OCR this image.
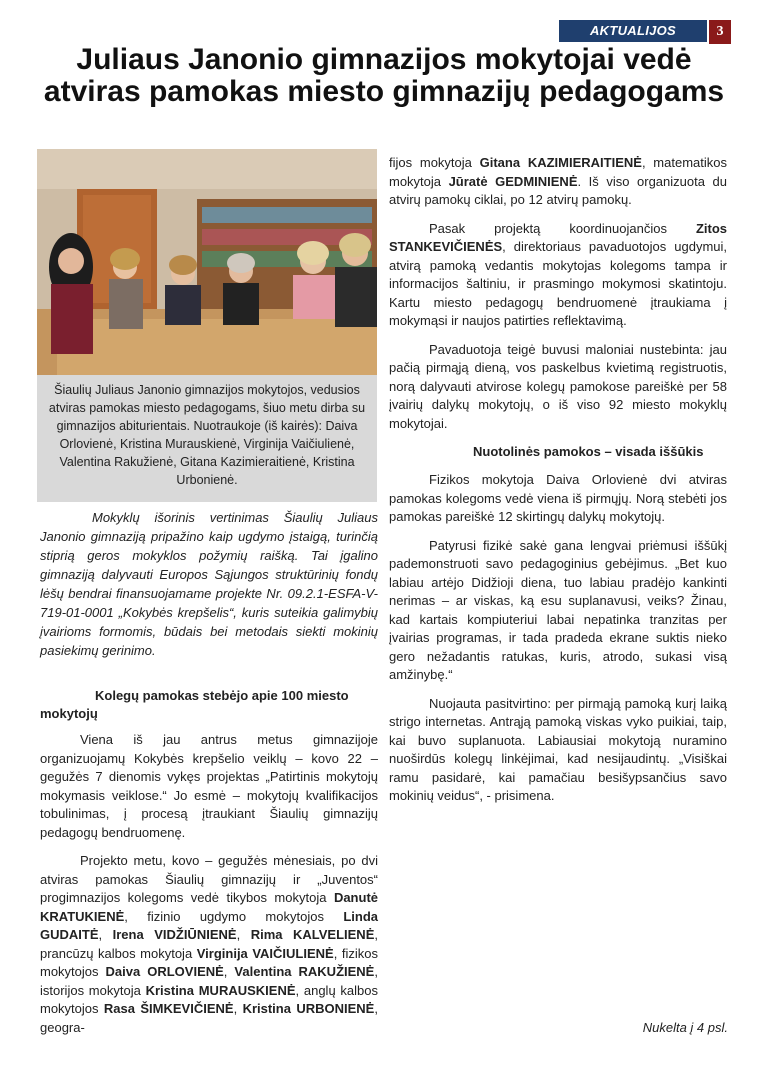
AKTUALIJOS	3
Juliaus Janonio gimnazijos mokytojai vedė atviras pamokas miesto gimnazijų pedagogams
Šiaulių Juliaus Janonio gimnazijos mokytojos, vedusios atviras pamokas miesto pedagogams, šiuo metu dirba su gimnazijos abiturientais. Nuotraukoje (iš kairės): Daiva Orlovienė, Kristina Murauskienė, Virginija Vaičiulienė, Valentina Rakužienė, Gitana Kazimieraitienė, Kristina Urbonienė.

Mokyklų išorinis vertinimas Šiaulių Juliaus Janonio gimnaziją pripažino kaip ugdymo įstaigą, turinčią stiprią geros mokyklos požymių raišką. Tai įgalino gimnaziją dalyvauti Europos Sąjungos struktūrinių fondų lėšų bendrai finansuojamame projekte Nr. 09.2.1-ESFA-V-719-01-0001 „Kokybės krepšelis“, kuris suteikia galimybių įvairioms formomis, būdais bei metodais siekti mokinių pasiekimų gerinimo.

Kolegų pamokas stebėjo apie 100 miesto mokytojų

Viena iš jau antrus metus gimnazijoje organizuojamų Kokybės krepšelio veiklų – kovo 22 – gegužės 7 dienomis vykęs projektas „Patirtinis mokytojų mokymasis veiklose.“ Jo esmė – mokytojų kvalifikacijos tobulinimas, į procesą įtraukiant Šiaulių gimnazijų pedagogų bendruomenę.

Projekto metu, kovo – gegužės mėnesiais, po dvi atviras pamokas Šiaulių gimnazijų ir „Juventos“ progimnazijos kolegoms vedė tikybos mokytoja Danutė KRATUKIENĖ, fizinio ugdymo mokytojos Linda GUDAITĖ, Irena VIDŽIŪNIENĖ, Rima KALVELIENĖ, prancūzų kalbos mokytoja Virginija VAIČIULIENĖ, fizikos mokytojos Daiva ORLOVIENĖ, Valentina RAKUŽIENĖ, istorijos mokytoja Kristina MURAUSKIENĖ, anglų kalbos mokytojos Rasa ŠIMKEVIČIENĖ, Kristina URBONIENĖ, geogra-

fijos mokytoja Gitana KAZIMIERAITIENĖ, matematikos mokytoja Jūratė GEDMINIENĖ. Iš viso organizuota du atvirų pamokų ciklai, po 12 atvirų pamokų.

Pasak projektą koordinuojančios Zitos STANKEVIČIENĖS, direktoriaus pavaduotojos ugdymui, atvirą pamoką vedantis mokytojas kolegoms tampa ir informacijos šaltiniu, ir prasmingo mokymosi skatintoju. Kartu miesto pedagogų bendruomenė įtraukiama į mokymąsi ir naujos patirties reflektavimą.

Pavaduotoja teigė buvusi maloniai nustebinta: jau pačią pirmąją dieną, vos paskelbus kvietimą registruotis, norą dalyvauti atvirose kolegų pamokose pareiškė per 58 įvairių dalykų mokytojų, o iš viso 92 miesto mokyklų mokytojai.

Nuotolinės pamokos – visada iššūkis

Fizikos mokytoja Daiva Orlovienė dvi atviras pamokas kolegoms vedė viena iš pirmųjų. Norą stebėti jos pamokas pareiškė 12 skirtingų dalykų mokytojų.

Patyrusi fizikė sakė gana lengvai priėmusi iššūkį pademonstruoti savo pedagoginius gebėjimus. „Bet kuo labiau artėjo Didžioji diena, tuo labiau pradėjo kankinti nerimas – ar viskas, ką esu suplanavusi, veiks? Žinau, kad kartais kompiuteriui labai nepatinka tranzitas per įvairias programas, ir tada pradeda ekrane suktis nieko gero nežadantis ratukas, kuris, atrodo, sukasi visą amžinybę.“

Nuojauta pasitvirtino: per pirmąją pamoką kurį laiką strigo internetas. Antrąją pamoką viskas vyko puikiai, taip, kai buvo suplanuota. Labiausiai mokytoją nuramino nuoširdūs kolegų linkėjimai, kad nesijaudintų. „Visiškai ramu pasidarė, kai pamačiau besišypsančius savo mokinių veidus“, - prisimena.

Nukelta į 4 psl.
